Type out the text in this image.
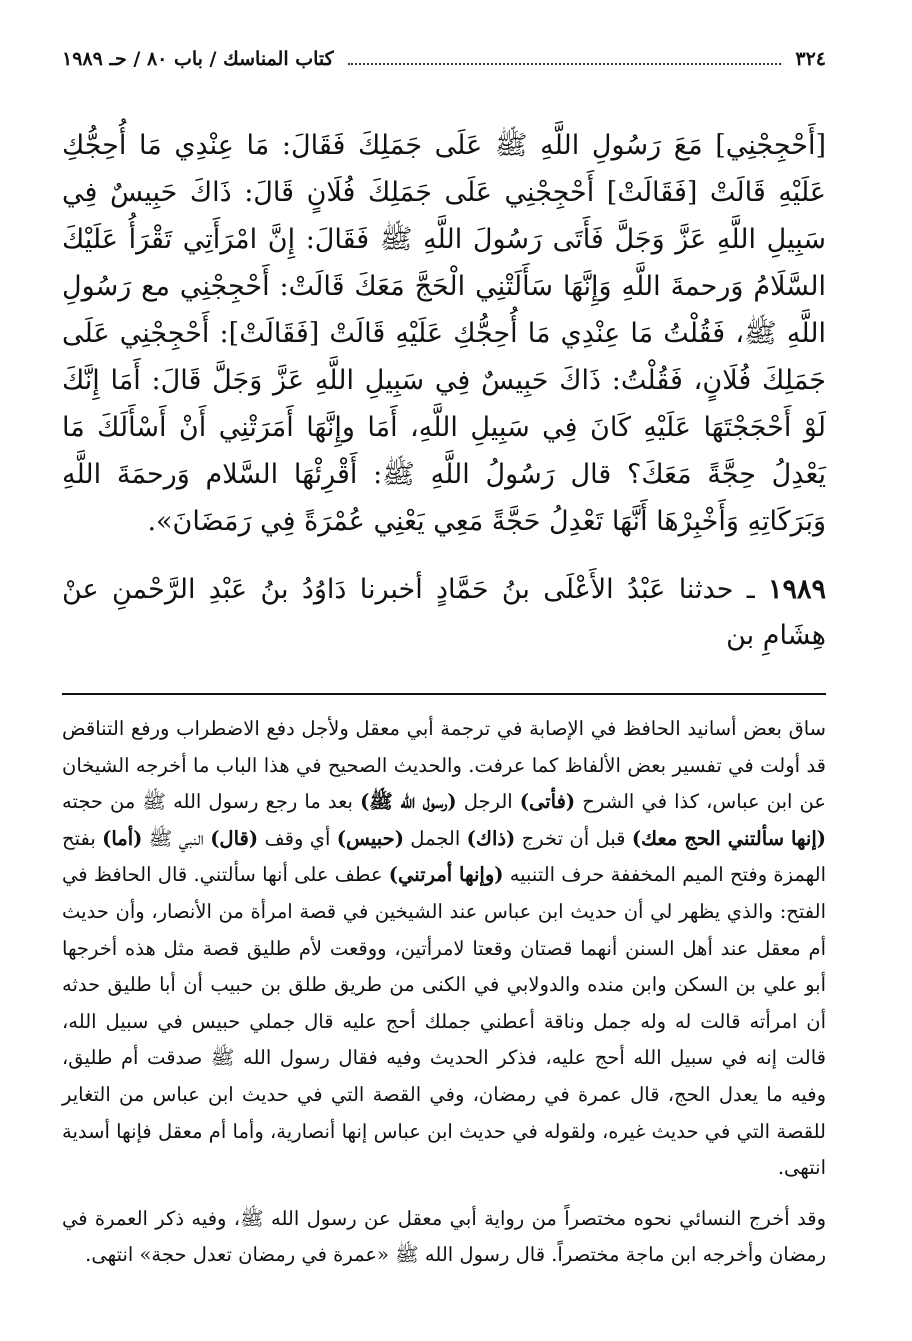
٣٢٤
كتاب المناسك / باب ٨٠ / حـ ١٩٨٩

[أَحْجِجْنِي] مَعَ رَسُولِ اللَّهِ ﷺ عَلَى جَمَلِكَ فَقَالَ: مَا عِنْدِي مَا أُحِجُّكِ عَلَيْهِ قَالَتْ [فَقَالَتْ] أَحْجِجْنِي عَلَى جَمَلِكَ فُلَانٍ قَالَ: ذَاكَ حَبِيسٌ فِي سَبِيلِ اللَّهِ عَزَّ وَجَلَّ فَأَتَى رَسُولَ اللَّهِ ﷺ فَقَالَ: إِنَّ امْرَأَتِي تَقْرَأُ عَلَيْكَ السَّلَامُ وَرحمةَ اللَّهِ وَإِنَّهَا سَأَلَتْنِي الْحَجَّ مَعَكَ قَالَتْ: أَحْجِجْنِي مع رَسُولِ اللَّهِ ﷺ، فَقُلْتُ مَا عِنْدِي مَا أُحِجُّكِ عَلَيْهِ قَالَتْ [فَقَالَتْ]: أَحْجِجْنِي عَلَى جَمَلِكَ فُلَانٍ، فَقُلْتُ: ذَاكَ حَبِيسٌ فِي سَبِيلِ اللَّهِ عَزَّ وَجَلَّ قَالَ: أَمَا إِنَّكَ لَوْ أَحْجَجْتَهَا عَلَيْهِ كَانَ فِي سَبِيلِ اللَّهِ، أَمَا وإِنَّهَا أَمَرَتْنِي أَنْ أَسْأَلَكَ مَا يَعْدِلُ حِجَّةً مَعَكَ؟ قال رَسُولُ اللَّهِ ﷺ: أَقْرِئْهَا السَّلام وَرحمَةَ اللَّهِ وَبَرَكَاتِهِ وَأَخْبِرْهَا أَنَّهَا تَعْدِلُ حَجَّةً مَعِي يَعْنِي عُمْرَةً فِي رَمَضَانَ».

١٩٨٩ ـ حدثنا عَبْدُ الأَعْلَى بنُ حَمَّادٍ أخبرنا دَاوُدُ بنُ عَبْدِ الرَّحْمنِ عنْ هِشَامِ بن

ساق بعض أسانيد الحافظ في الإصابة في ترجمة أبي معقل ولأجل دفع الاضطراب ورفع التناقض قد أولت في تفسير بعض الألفاظ كما عرفت. والحديث الصحيح في هذا الباب ما أخرجه الشيخان عن ابن عباس، كذا في الشرح (فأتى) الرجل (رسول الله ﷺ) بعد ما رجع رسول الله ﷺ من حجته (إنها سألتني الحج معك) قبل أن تخرج (ذاك) الجمل (حبيس) أي وقف (قال) النبي ﷺ (أما) بفتح الهمزة وفتح الميم المخففة حرف التنبيه (وإنها أمرتني) عطف على أنها سألتني. قال الحافظ في الفتح: والذي يظهر لي أن حديث ابن عباس عند الشيخين في قصة امرأة من الأنصار، وأن حديث أم معقل عند أهل السنن أنهما قصتان وقعتا لامرأتين، ووقعت لأم طليق قصة مثل هذه أخرجها أبو علي بن السكن وابن منده والدولابي في الكنى من طريق طلق بن حبيب أن أبا طليق حدثه أن امرأته قالت له وله جمل وناقة أعطني جملك أحج عليه قال جملي حبيس في سبيل الله، قالت إنه في سبيل الله أحج عليه، فذكر الحديث وفيه فقال رسول الله ﷺ صدقت أم طليق، وفيه ما يعدل الحج، قال عمرة في رمضان، وفي القصة التي في حديث ابن عباس من التغاير للقصة التي في حديث غيره، ولقوله في حديث ابن عباس إنها أنصارية، وأما أم معقل فإنها أسدية انتهى.

وقد أخرج النسائي نحوه مختصراً من رواية أبي معقل عن رسول الله ﷺ، وفيه ذكر العمرة في رمضان وأخرجه ابن ماجة مختصراً. قال رسول الله ﷺ «عمرة في رمضان تعدل حجة» انتهى.
